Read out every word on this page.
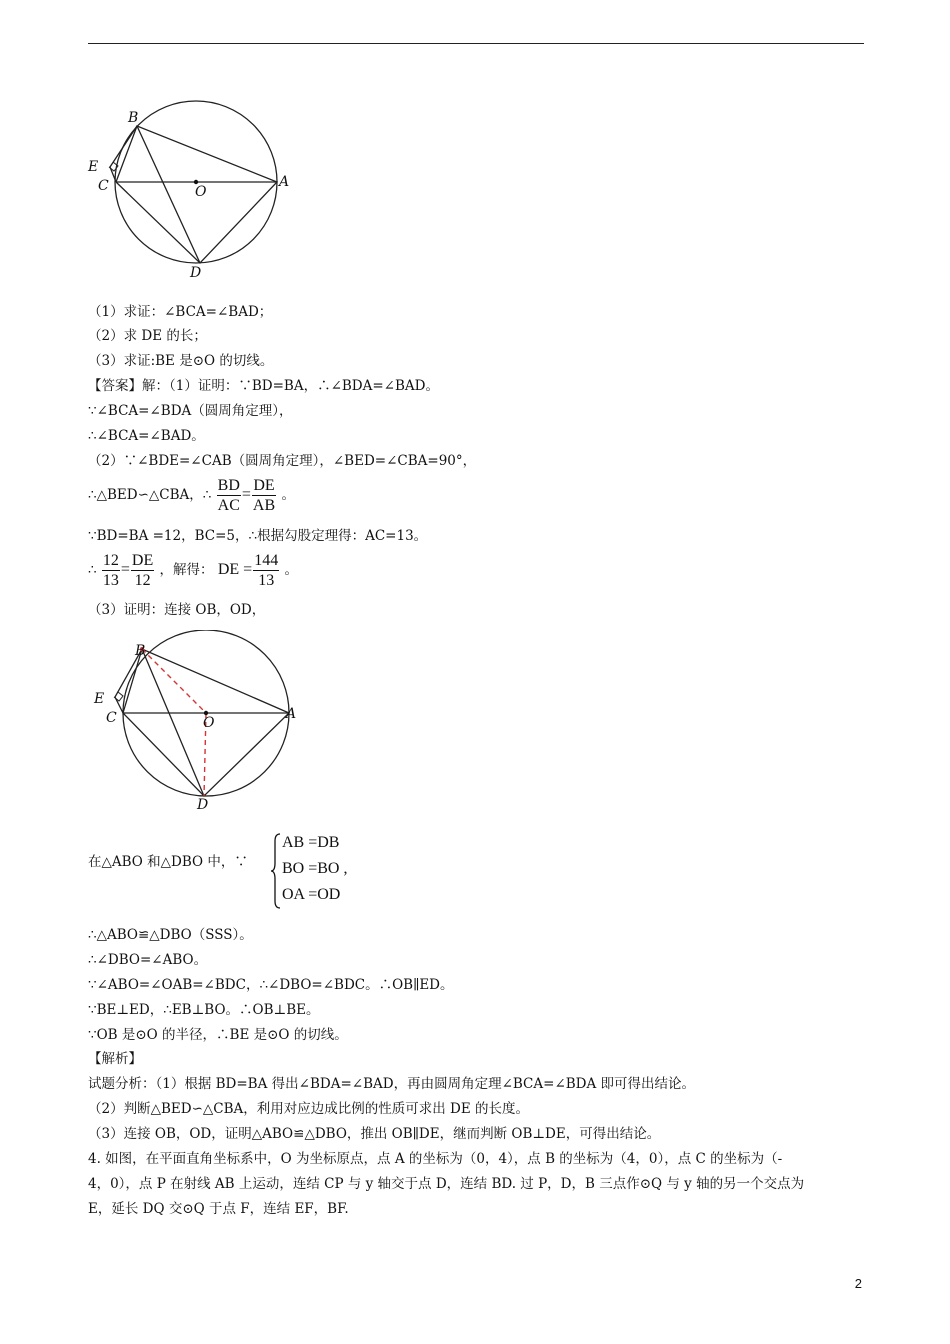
B
E
C	O
A
D
（1）求证：∠BCA=∠BAD；
（2）求 DE 的长；
（3）求证:BE 是⊙O 的切线。
【答案】解：（1）证明：∵BD=BA，∴∠BDA=∠BAD。
∵∠BCA=∠BDA（圆周角定理），
∴∠BCA=∠BAD。
（2）∵∠BDE=∠CAB（圆周角定理），∠BED=∠CBA=90°，
∴△BED∽△CBA，∴ $\frac{BD}{AC} = \frac{DE}{AB}$ 。
∵BD=BA =12，BC=5，∴根据勾股定理得：AC=13。
∴ $\frac{12}{13} = \frac{DE}{12}$ ，解得： DE = $\frac{144}{13}$ 。
（3）证明：连接 OB，OD，
B
E
C	O
A
D
在△ABO 和△DBO 中，∵
AB =DB
BO =BO ,
OA =OD
∴△ABO≌△DBO（SSS）。
∴∠DBO=∠ABO。
∵∠ABO=∠OAB=∠BDC，∴∠DBO=∠BDC。∴OB∥ED。
∵BE⊥ED，∴EB⊥BO。∴OB⊥BE。
∵OB 是⊙O 的半径，∴BE 是⊙O 的切线。
【解析】
试题分析：（1）根据 BD=BA 得出∠BDA=∠BAD，再由圆周角定理∠BCA=∠BDA 即可得出结论。
（2）判断△BED∽△CBA，利用对应边成比例的性质可求出 DE 的长度。
（3）连接 OB，OD，证明△ABO≌△DBO，推出 OB∥DE，继而判断 OB⊥DE，可得出结论。
4. 如图，在平面直角坐标系中，O 为坐标原点，点 A 的坐标为（0，4），点 B 的坐标为（4，0），点 C 的坐标为（-
4，0），点 P 在射线 AB 上运动，连结 CP 与 y 轴交于点 D，连结 BD. 过 P，D，B 三点作⊙Q 与 y 轴的另一个交点为
E，延长 DQ 交⊙Q 于点 F，连结 EF，BF.
2
